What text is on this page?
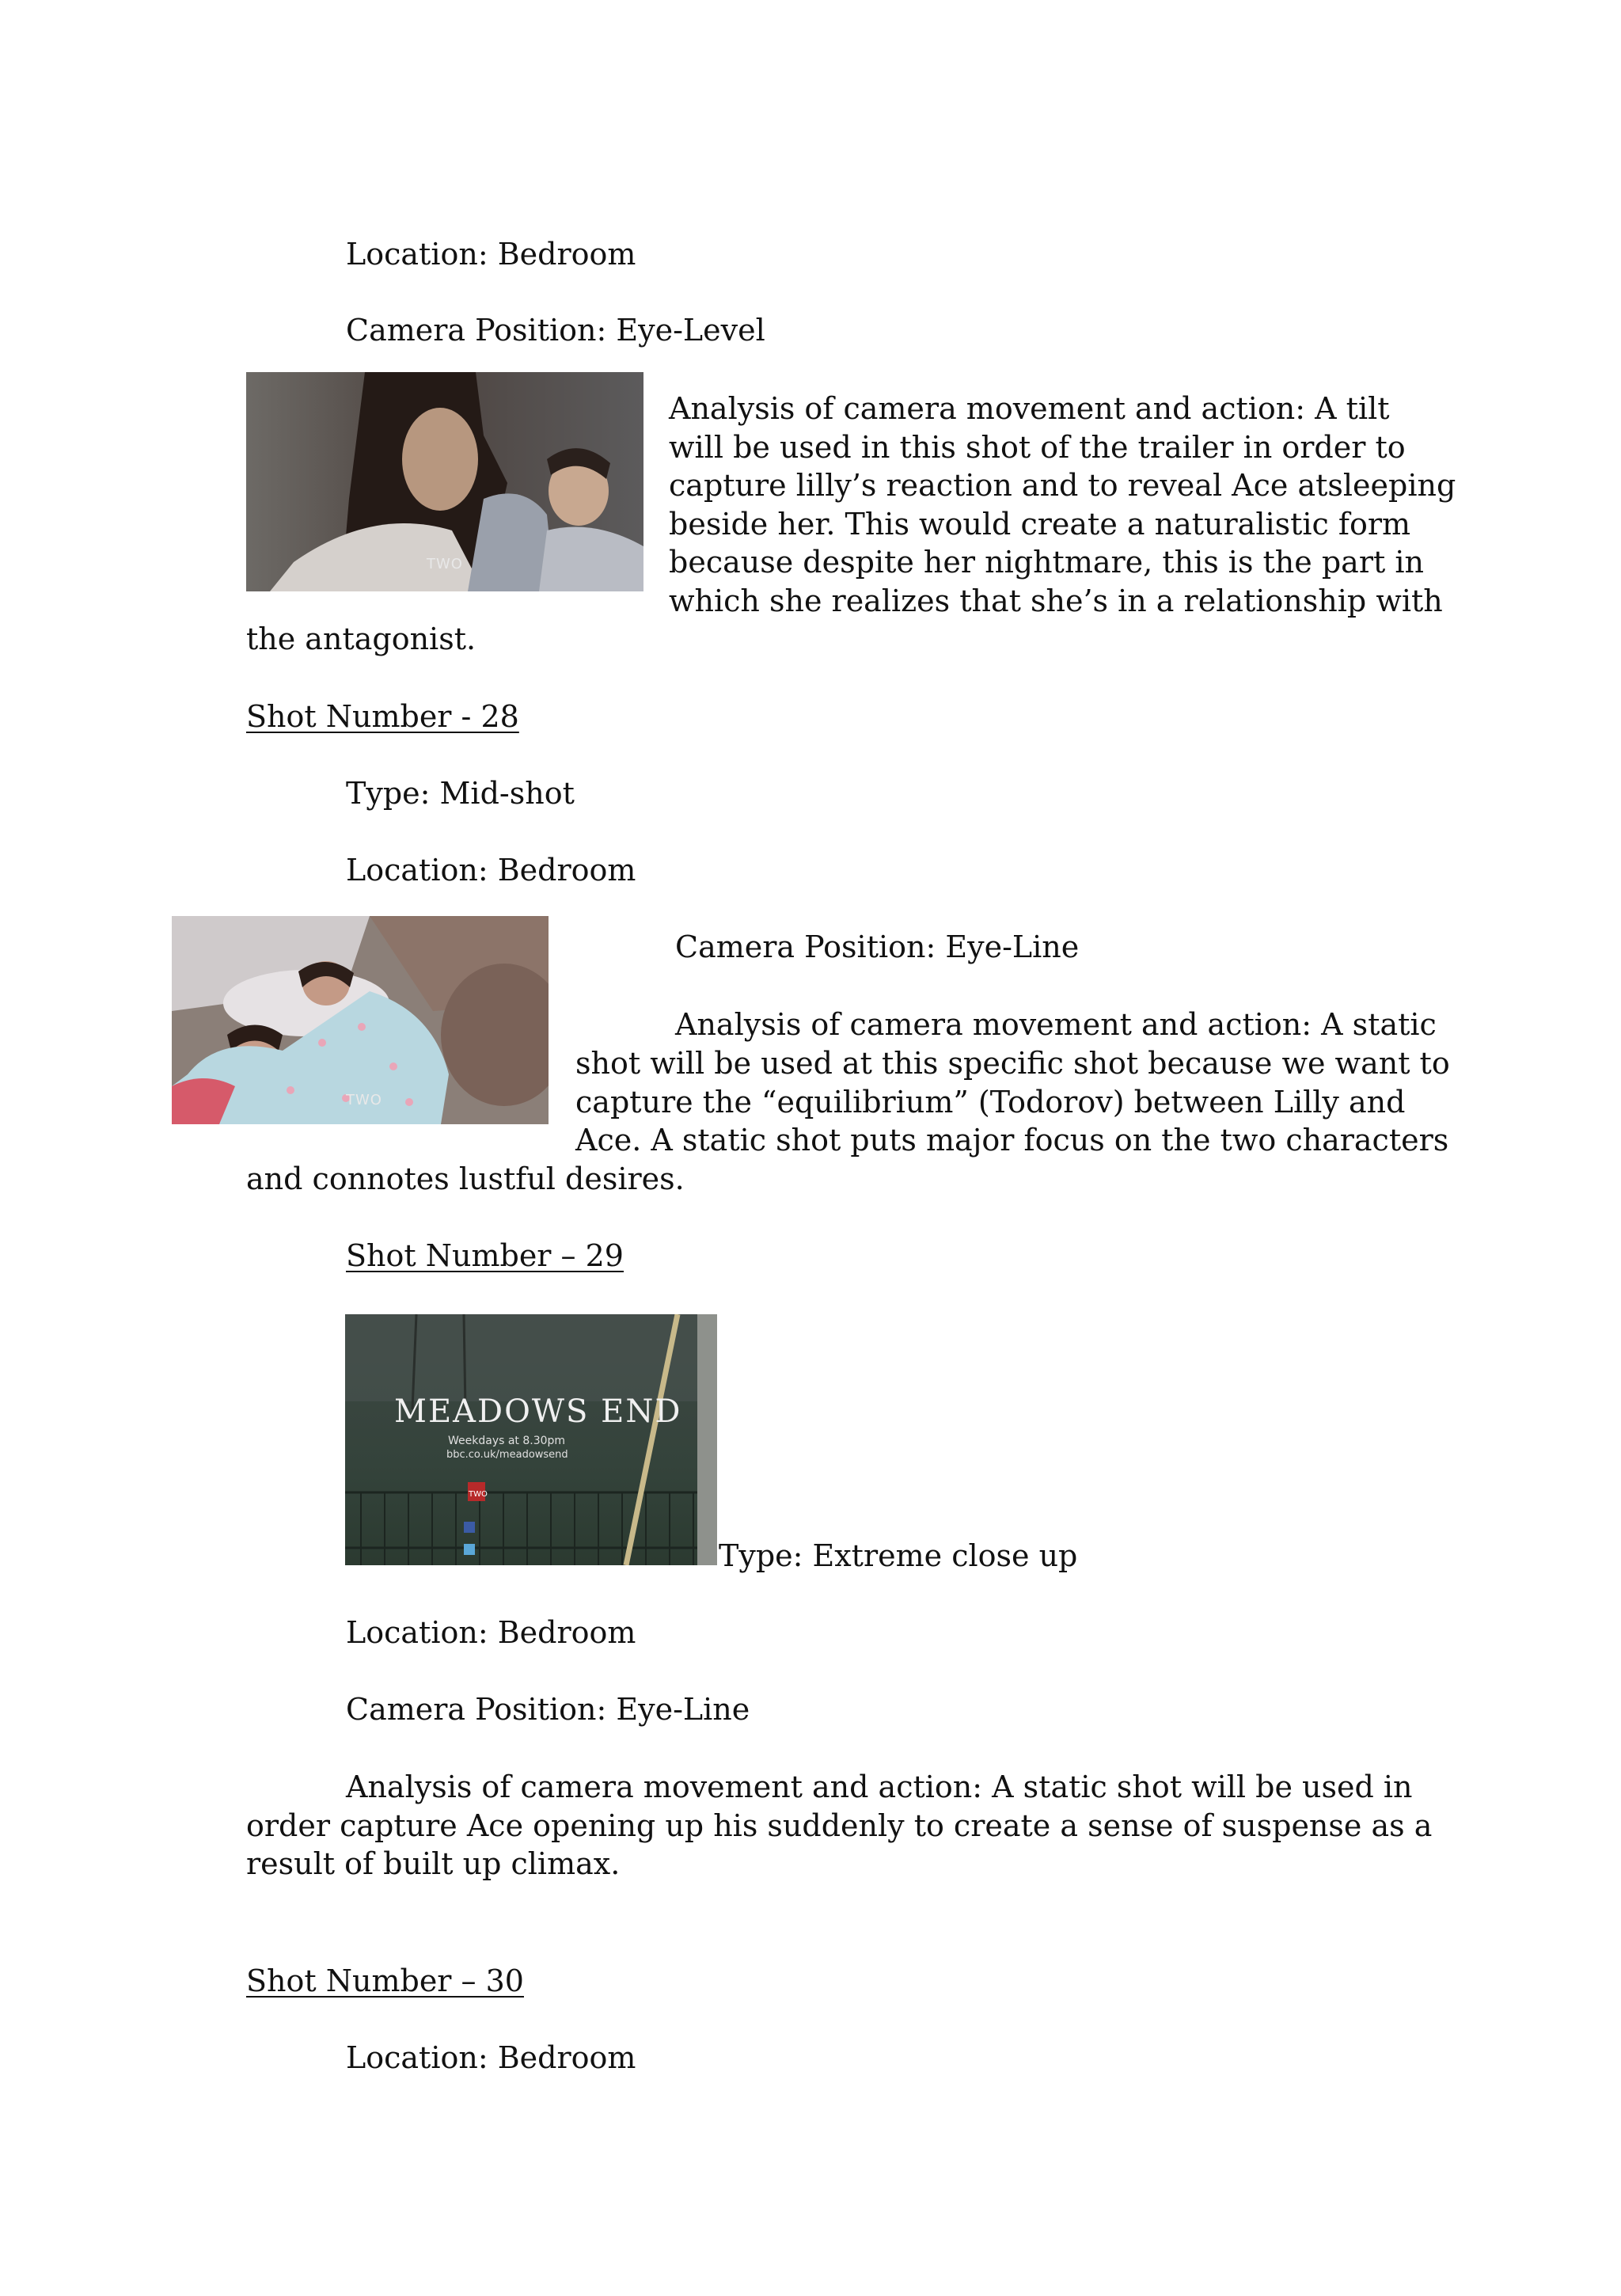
Location: Bedroom
Camera Position: Eye-Level
TWO
Analysis of camera movement and action: A tilt
will be used in this shot of the trailer in order to
capture lilly’s reaction and to reveal Ace atsleeping
beside her. This would create a naturalistic form
because despite her nightmare, this is the part in
which she realizes that she’s in a relationship with
the antagonist.
Shot Number - 28
Type: Mid-shot
Location: Bedroom
TWO
Camera Position: Eye-Line
Analysis of camera movement and action: A static
shot will be used at this specific shot because we want to
capture the “equilibrium” (Todorov) between Lilly and
Ace. A static shot puts major focus on the two characters
and connotes lustful desires.
Shot Number – 29
MEADOWS END
Weekdays at 8.30pm
bbc.co.uk/meadowsend
TWO
Type: Extreme close up
Location: Bedroom
Camera Position: Eye-Line
Analysis of camera movement and action: A static shot will be used in
order capture Ace opening up his suddenly to create a sense of suspense as a
result of built up climax.
Shot Number – 30
Location: Bedroom
